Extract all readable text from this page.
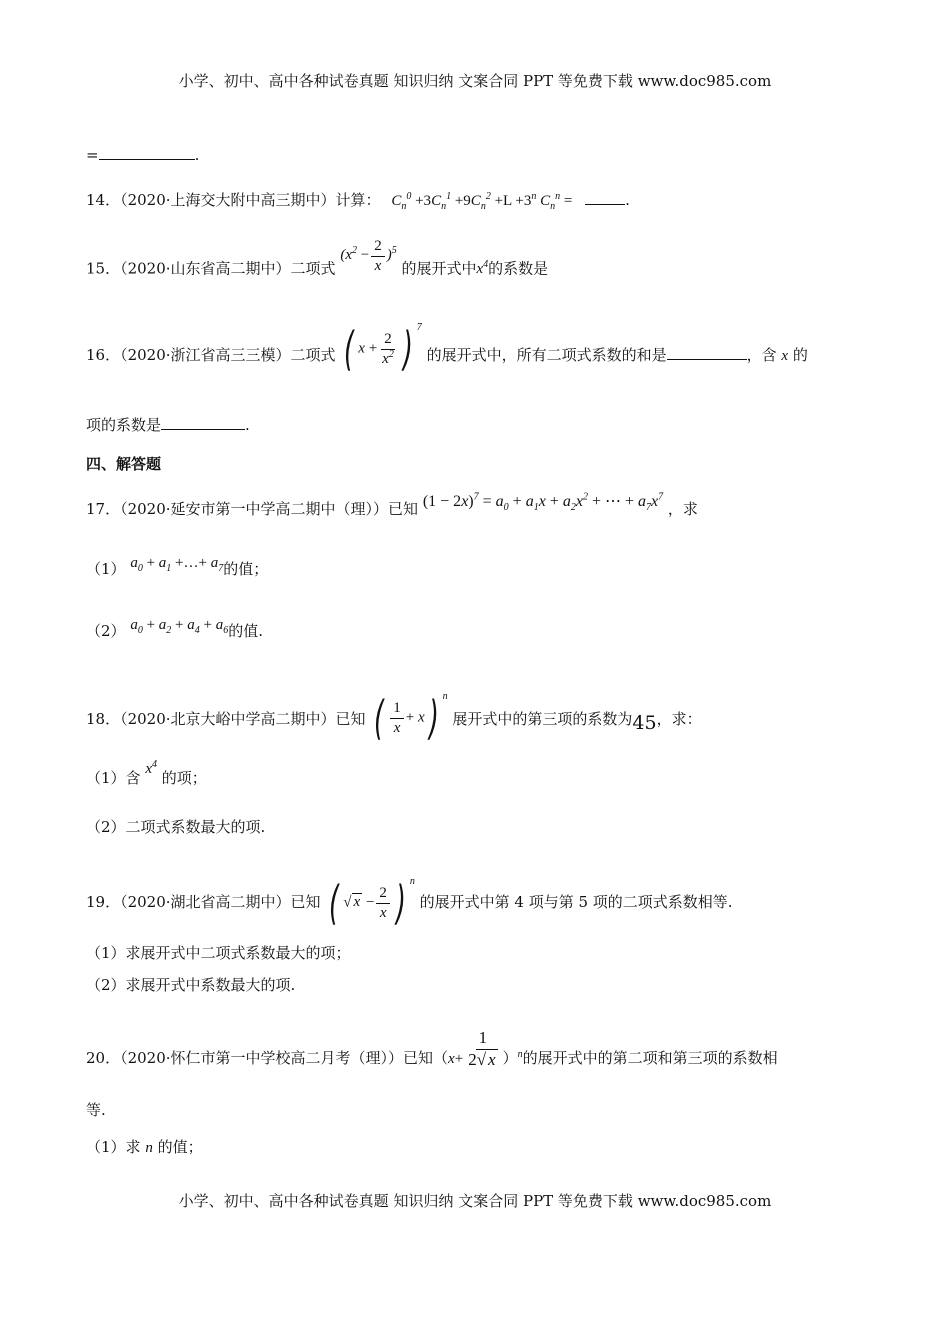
小学、初中、高中各种试卷真题 知识归纳 文案合同 PPT 等免费下载 www.doc985.com
=	.
14．（2020·上海交大附中高三期中）计算： $C_n^0 +3C_n^1 +9C_n^2 +L +3^n$ $C_n^n$ =	.
15．（2020·山东省高二期中）二项式 $(x^2 - \frac{2}{x} )^5$ 的展开式中$x^4$的系数是
16．（2020·浙江省高三三模）二项式 ( $x + \frac{2}{x^2}$ ) $^7$ 的展开式中，所有二项式系数的和是	，含 x 的
项的系数是	.
四、解答题
17．（2020·延安市第一中学高二期中（理））已知 $(1 - 2x)^7 = a_0 + a_1x + a_2x^2$ + ⋯ + $a_7x^7$ ，求
（1） $a_0 + a_1$ +…+ $a_7$的值；
（2） $a_0 + a_2 + a_4 + a_6$的值.
18．（2020·北京大峪中学高二期中）已知 ( $\frac{1}{x} + x$) $^n$ 展开式中的第三项的系数为45，求：
（1）含 $x^4$ 的项；
（2）二项式系数最大的项.
19．（2020·湖北省高二期中）已知 ( √ $x - \frac{2}{x}$ ) $^n$ 的展开式中第 4 项与第 5 项的二项式系数相等.
（1）求展开式中二项式系数最大的项；
（2）求展开式中系数最大的项.
20．（2020·怀仁市第一中学校高二月考（理））已知$(x+ \frac{1}{2√ x} )^n$的展开式中的第二项和第三项的系数相
等.
（1）求 n 的值；
小学、初中、高中各种试卷真题 知识归纳 文案合同 PPT 等免费下载 www.doc985.com
